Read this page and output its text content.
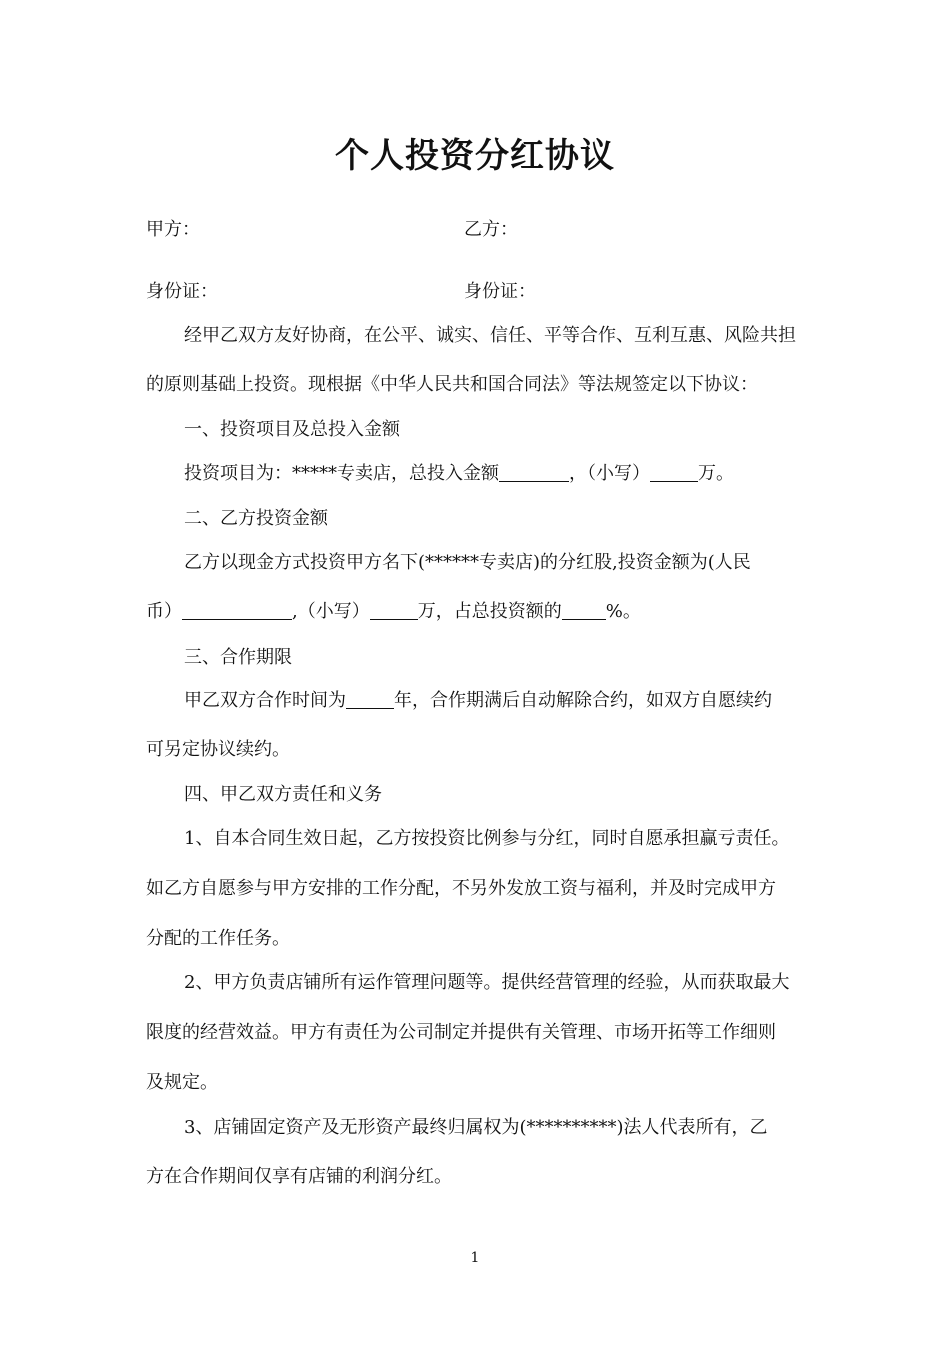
个人投资分红协议
甲方：	乙方：
身份证：	身份证：
经甲乙双方友好协商，在公平、诚实、信任、平等合作、互利互惠、风险共担
的原则基础上投资。现根据《中华人民共和国合同法》等法规签定以下协议：
一、投资项目及总投入金额
投资项目为：*****专卖店，总投入金额	，（小写）	万。
二、乙方投资金额
乙方以现金方式投资甲方名下(******专卖店)的分红股,投资金额为(人民
币）	,（小写）	万，占总投资额的 %。
三、合作期限
甲乙双方合作时间为	年，合作期满后自动解除合约，如双方自愿续约
可另定协议续约。
四、甲乙双方责任和义务
1、自本合同生效日起，乙方按投资比例参与分红，同时自愿承担赢亏责任。
如乙方自愿参与甲方安排的工作分配，不另外发放工资与福利，并及时完成甲方
分配的工作任务。
2、甲方负责店铺所有运作管理问题等。提供经营管理的经验，从而获取最大
限度的经营效益。甲方有责任为公司制定并提供有关管理、市场开拓等工作细则
及规定。
3、店铺固定资产及无形资产最终归属权为(**********)法人代表所有，乙
方在合作期间仅享有店铺的利润分红。
1
